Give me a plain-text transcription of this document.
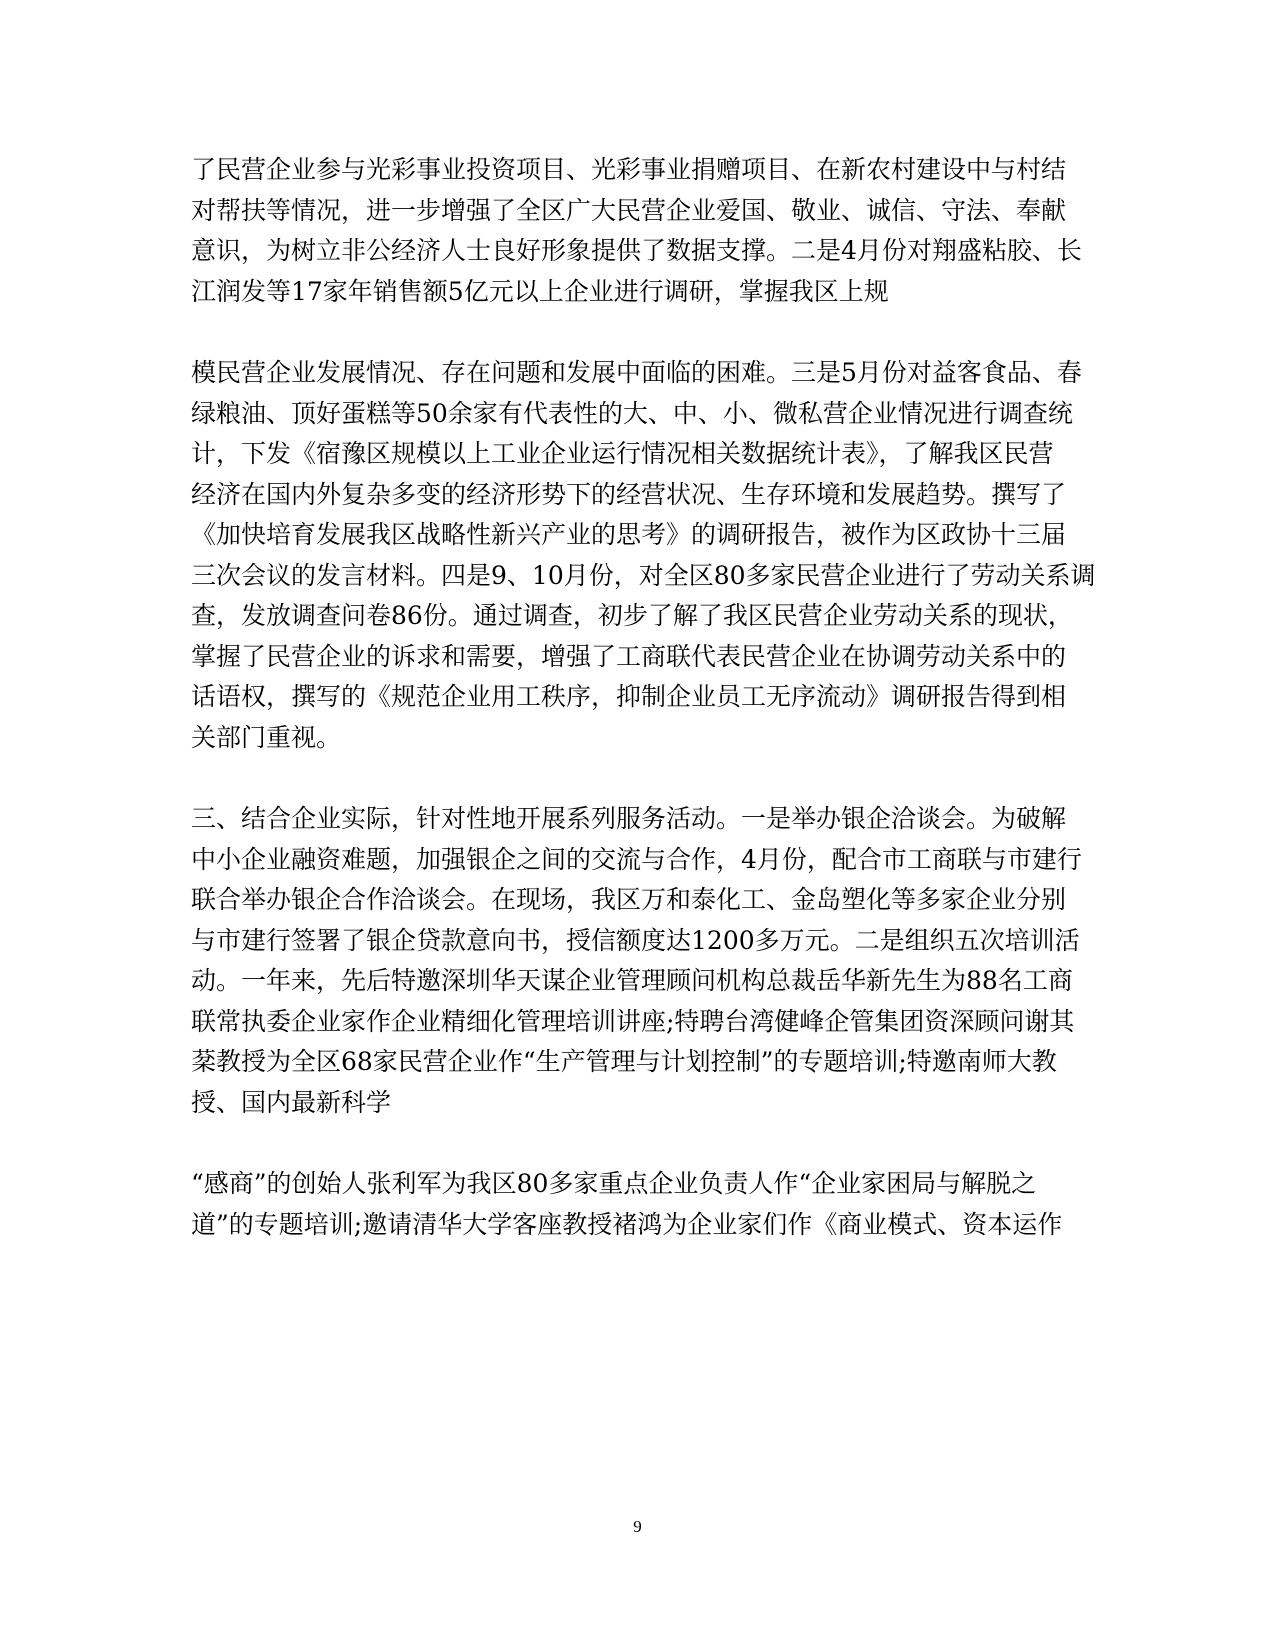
了民营企业参与光彩事业投资项目、光彩事业捐赠项目、在新农村建设中与村结
对帮扶等情况，进一步增强了全区广大民营企业爱国、敬业、诚信、守法、奉献
意识，为树立非公经济人士良好形象提供了数据支撑。二是4月份对翔盛粘胶、长
江润发等17家年销售额5亿元以上企业进行调研，掌握我区上规

模民营企业发展情况、存在问题和发展中面临的困难。三是5月份对益客食品、春
绿粮油、顶好蛋糕等50余家有代表性的大、中、小、微私营企业情况进行调查统
计，下发《宿豫区规模以上工业企业运行情况相关数据统计表》，了解我区民营
经济在国内外复杂多变的经济形势下的经营状况、生存环境和发展趋势。撰写了
《加快培育发展我区战略性新兴产业的思考》的调研报告，被作为区政协十三届
三次会议的发言材料。四是9、10月份，对全区80多家民营企业进行了劳动关系调
查，发放调查问卷86份。通过调查，初步了解了我区民营企业劳动关系的现状，
掌握了民营企业的诉求和需要，增强了工商联代表民营企业在协调劳动关系中的
话语权，撰写的《规范企业用工秩序，抑制企业员工无序流动》调研报告得到相
关部门重视。

三、结合企业实际，针对性地开展系列服务活动。一是举办银企洽谈会。为破解
中小企业融资难题，加强银企之间的交流与合作，4月份，配合市工商联与市建行
联合举办银企合作洽谈会。在现场，我区万和泰化工、金岛塑化等多家企业分别
与市建行签署了银企贷款意向书，授信额度达1200多万元。二是组织五次培训活
动。一年来，先后特邀深圳华天谋企业管理顾问机构总裁岳华新先生为88名工商
联常执委企业家作企业精细化管理培训讲座;特聘台湾健峰企管集团资深顾问谢其
棻教授为全区68家民营企业作“生产管理与计划控制”的专题培训;特邀南师大教
授、国内最新科学

“感商”的创始人张利军为我区80多家重点企业负责人作“企业家困局与解脱之
道”的专题培训;邀请清华大学客座教授褚鸿为企业家们作《商业模式、资本运作

9
